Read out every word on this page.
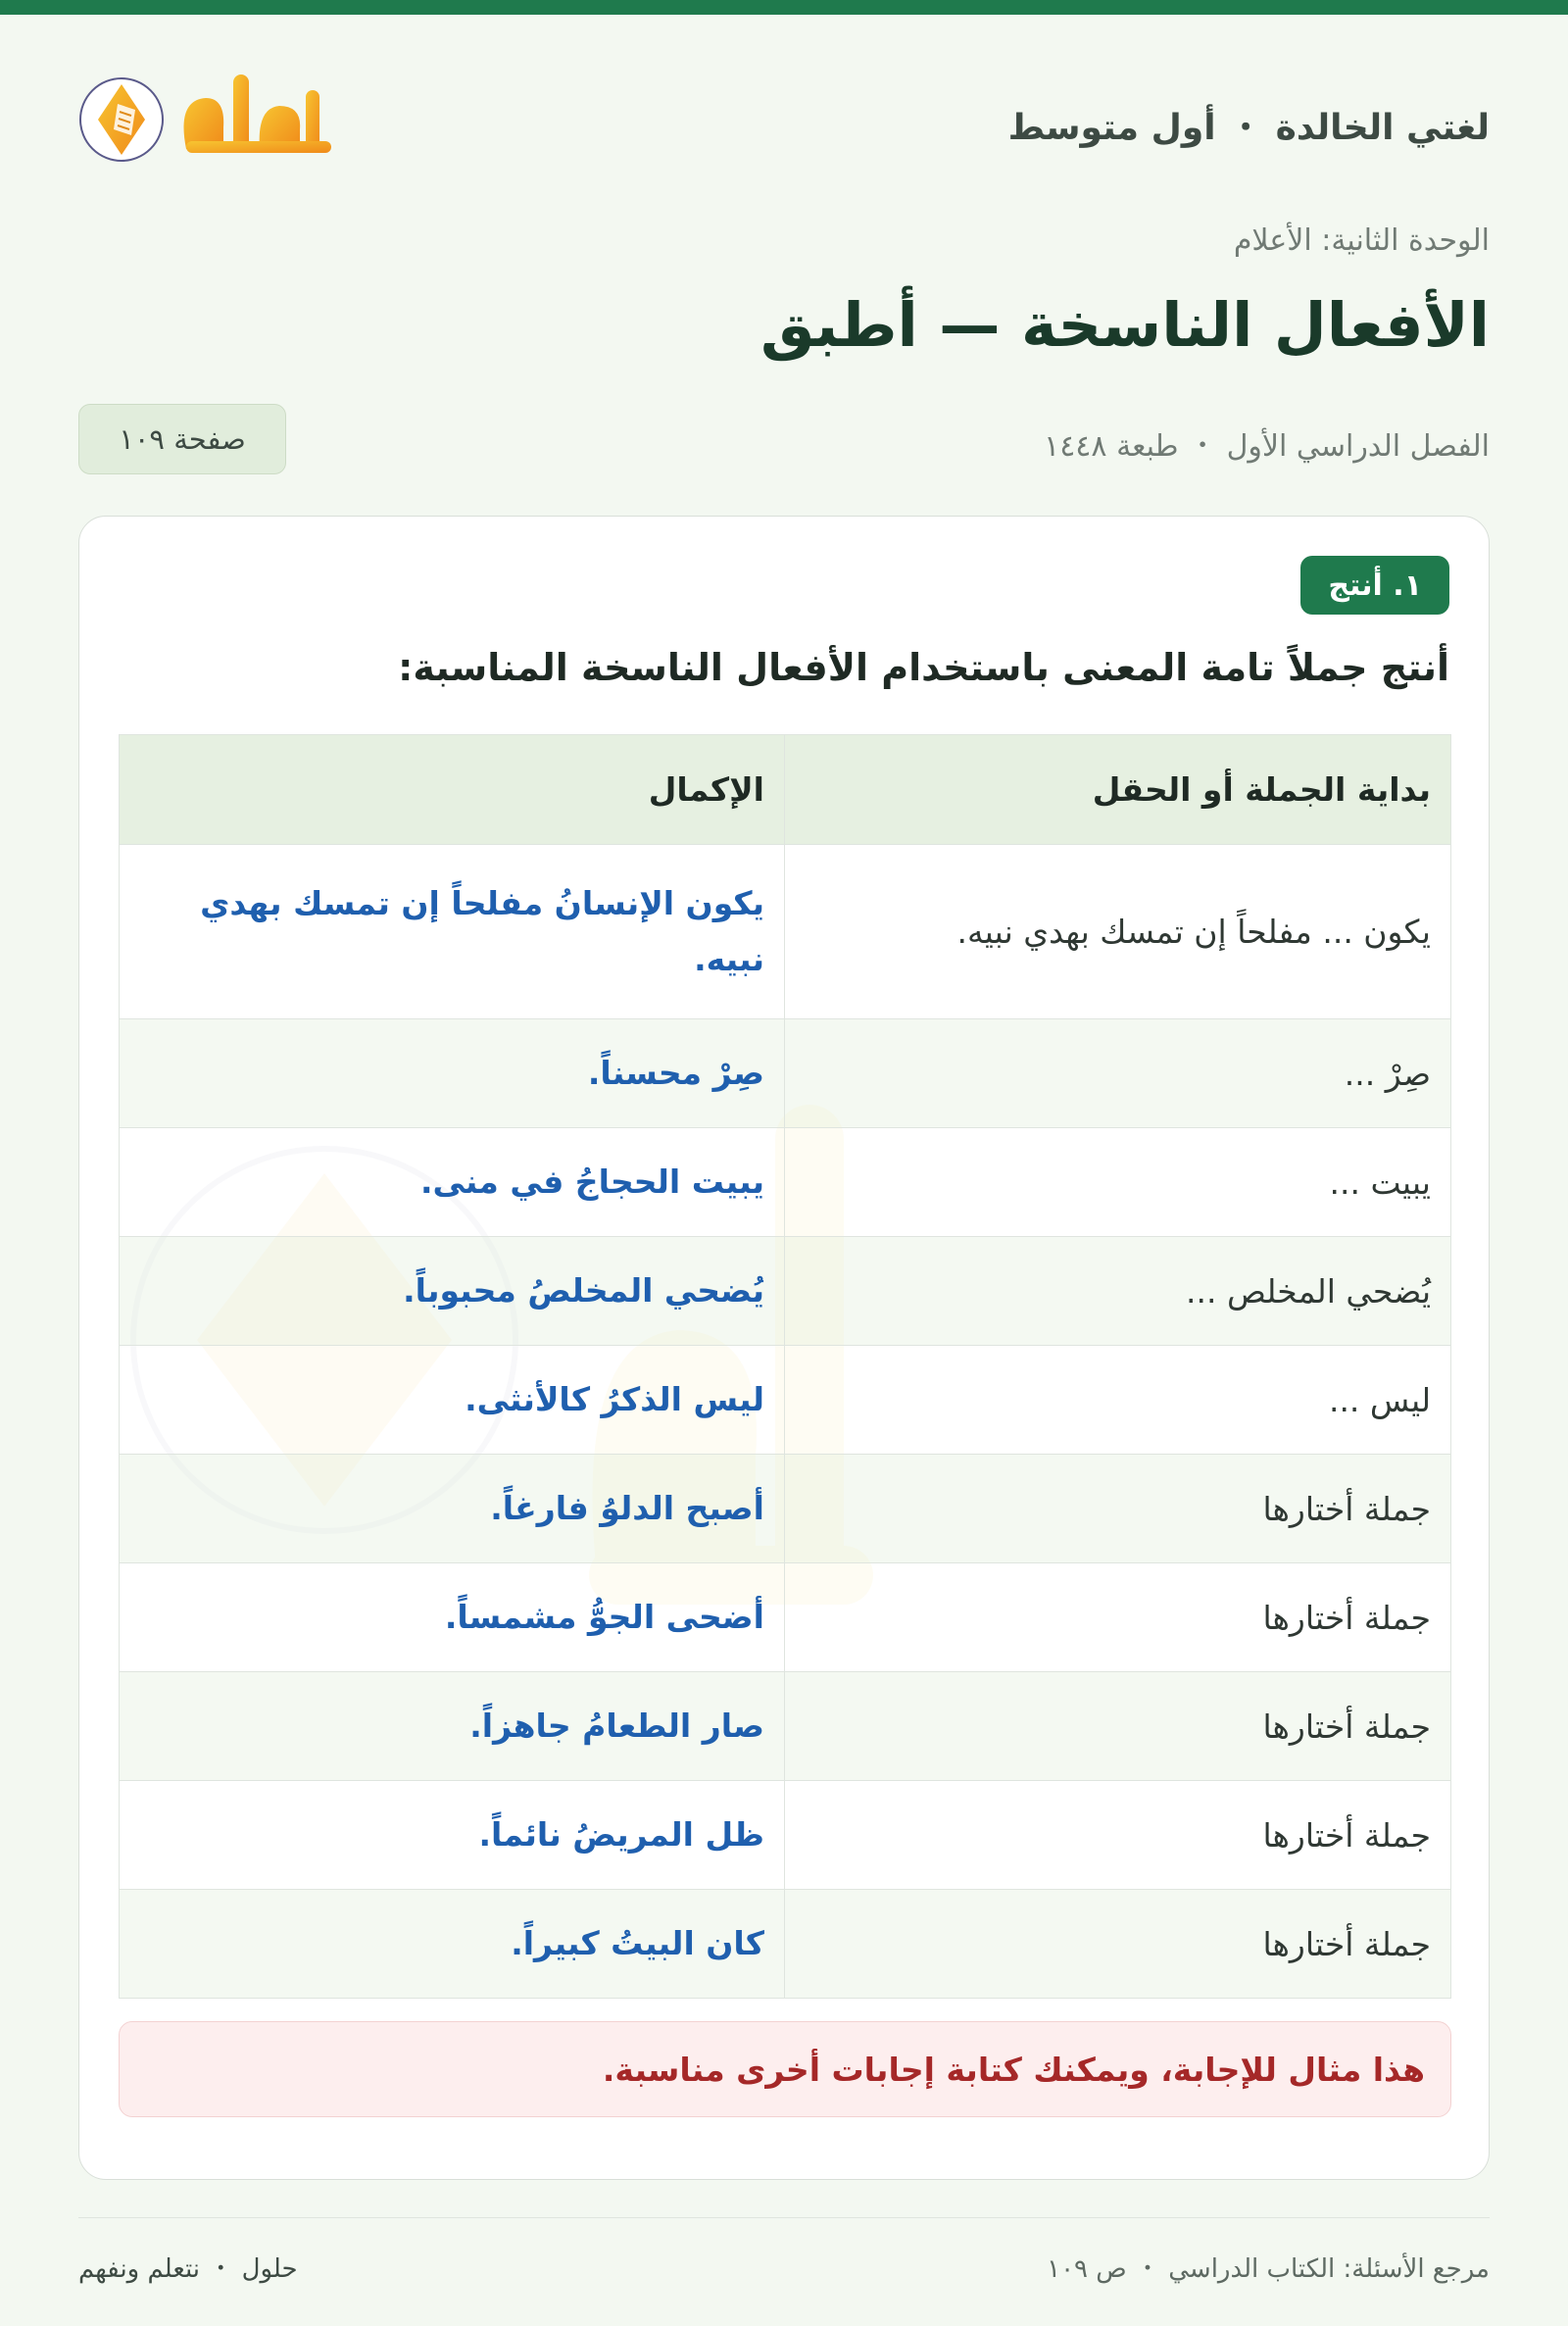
لغتي الخالدة ・ أول متوسط
الوحدة الثانية: الأعلام
الأفعال الناسخة — أطبق
الفصل الدراسي الأول ・ طبعة ١٤٤٨
صفحة ١٠٩
١. أنتج
أنتج جملاً تامة المعنى باستخدام الأفعال الناسخة المناسبة:
بداية الجملة أو الحقل	الإكمال
يكون ... مفلحاً إن تمسك بهدي نبيه.	يكون الإنسانُ مفلحاً إن تمسك بهدي نبيه.
صِرْ ...	صِرْ محسناً.
يبيت ...	يبيت الحجاجُ في منى.
يُضحي المخلص ...	يُضحي المخلصُ محبوباً.
ليس ...	ليس الذكرُ كالأنثى.
جملة أختارها	أصبح الدلوُ فارغاً.
جملة أختارها	أضحى الجوُّ مشمساً.
جملة أختارها	صار الطعامُ جاهزاً.
جملة أختارها	ظل المريضُ نائماً.
جملة أختارها	كان البيتُ كبيراً.
هذا مثال للإجابة، ويمكنك كتابة إجابات أخرى مناسبة.
مرجع الأسئلة: الكتاب الدراسي ・ ص ١٠٩
حلول ・ نتعلم ونفهم
